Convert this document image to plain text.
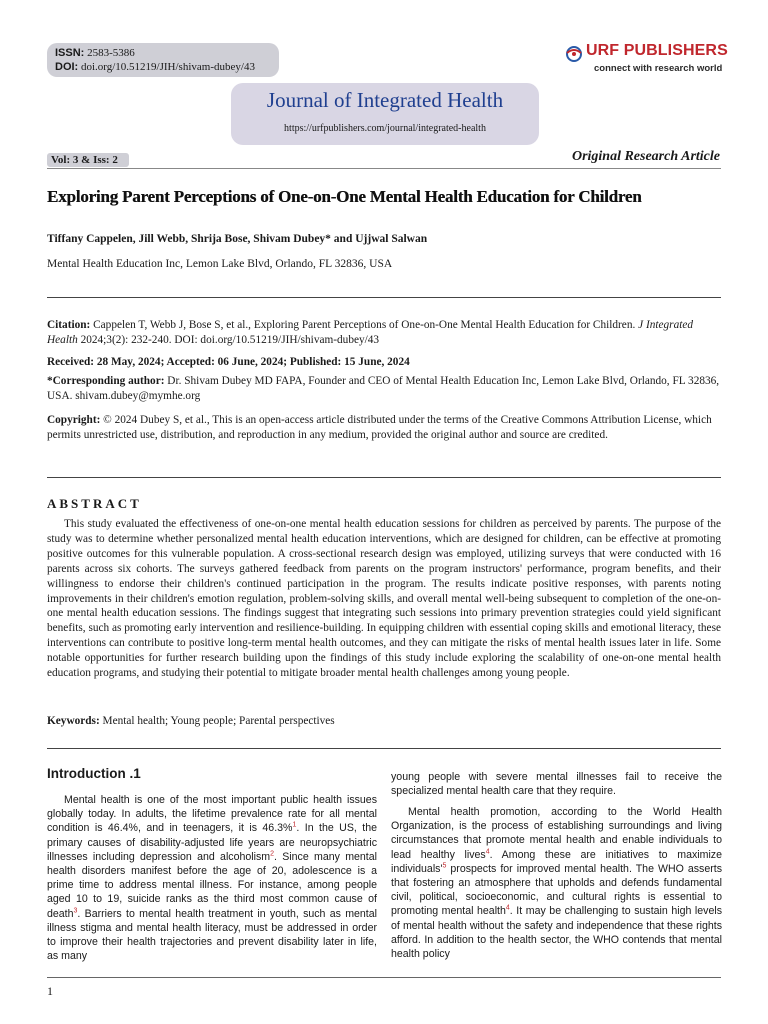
ISSN: 2583-5386
DOI: doi.org/10.51219/JIH/shivam-dubey/43
URF PUBLISHERS
connect with research world
Journal of Integrated Health
https://urfpublishers.com/journal/integrated-health
Vol: 3 & Iss: 2	Original Research Article
Exploring Parent Perceptions of One-on-One Mental Health Education for Children
Tiffany Cappelen, Jill Webb, Shrija Bose, Shivam Dubey* and Ujjwal Salwan
Mental Health Education Inc, Lemon Lake Blvd, Orlando, FL 32836, USA
Citation: Cappelen T, Webb J, Bose S, et al., Exploring Parent Perceptions of One-on-One Mental Health Education for Children. J Integrated Health 2024;3(2): 232-240. DOI: doi.org/10.51219/JIH/shivam-dubey/43
Received: 28 May, 2024; Accepted: 06 June, 2024; Published: 15 June, 2024
*Corresponding author: Dr. Shivam Dubey MD FAPA, Founder and CEO of Mental Health Education Inc, Lemon Lake Blvd, Orlando, FL 32836, USA. shivam.dubey@mymhe.org
Copyright: © 2024 Dubey S, et al., This is an open-access article distributed under the terms of the Creative Commons Attribution License, which permits unrestricted use, distribution, and reproduction in any medium, provided the original author and source are credited.
ABSTRACT
This study evaluated the effectiveness of one-on-one mental health education sessions for children as perceived by parents. The purpose of the study was to determine whether personalized mental health education interventions, which are designed for children, can be effective at promoting positive outcomes for this vulnerable population. A cross-sectional research design was employed, utilizing surveys that were conducted with 16 parents across six cohorts. The surveys gathered feedback from parents on the program instructors' performance, program benefits, and their willingness to endorse their children's continued participation in the program. The results indicate positive responses, with parents noting improvements in their children's emotion regulation, problem-solving skills, and overall mental well-being subsequent to completion of the one-on-one mental health education sessions. The findings suggest that integrating such sessions into primary prevention strategies could yield significant benefits, such as promoting early intervention and resilience-building. In equipping children with essential coping skills and emotional literacy, these interventions can contribute to positive long-term mental health outcomes, and they can mitigate the risks of mental health issues later in life. Some notable opportunities for further research building upon the findings of this study include exploring the scalability of one-on-one mental health education programs, and studying their potential to mitigate broader mental health challenges among young people.
Keywords: Mental health; Young people; Parental perspectives
Introduction .1
Mental health is one of the most important public health issues globally today. In adults, the lifetime prevalence rate for all mental condition is 46.4%, and in teenagers, it is 46.3%$^1$. In the US, the primary causes of disability-adjusted life years are neuropsychiatric illnesses including depression and alcoholism$^2$. Since many mental health disorders manifest before the age of 20, adolescence is a prime time to address mental illness. For instance, among people aged 10 to 19, suicide ranks as the third most common cause of death$^3$. Barriers to mental health treatment in youth, such as mental illness stigma and mental health literacy, must be addressed in order to improve their health trajectories and prevent disability later in life, as many
young people with severe mental illnesses fail to receive the specialized mental health care that they require.
Mental health promotion, according to the World Health Organization, is the process of establishing surroundings and living circumstances that promote mental health and enable individuals to lead healthy lives$^4$. Among these are initiatives to maximize individuals'$^5$ prospects for improved mental health. The WHO asserts that fostering an atmosphere that upholds and defends fundamental civil, political, socioeconomic, and cultural rights is essential to promoting mental health$^4$. It may be challenging to sustain high levels of mental health without the safety and independence that these rights afford. In addition to the health sector, the WHO contends that mental health policy
1
